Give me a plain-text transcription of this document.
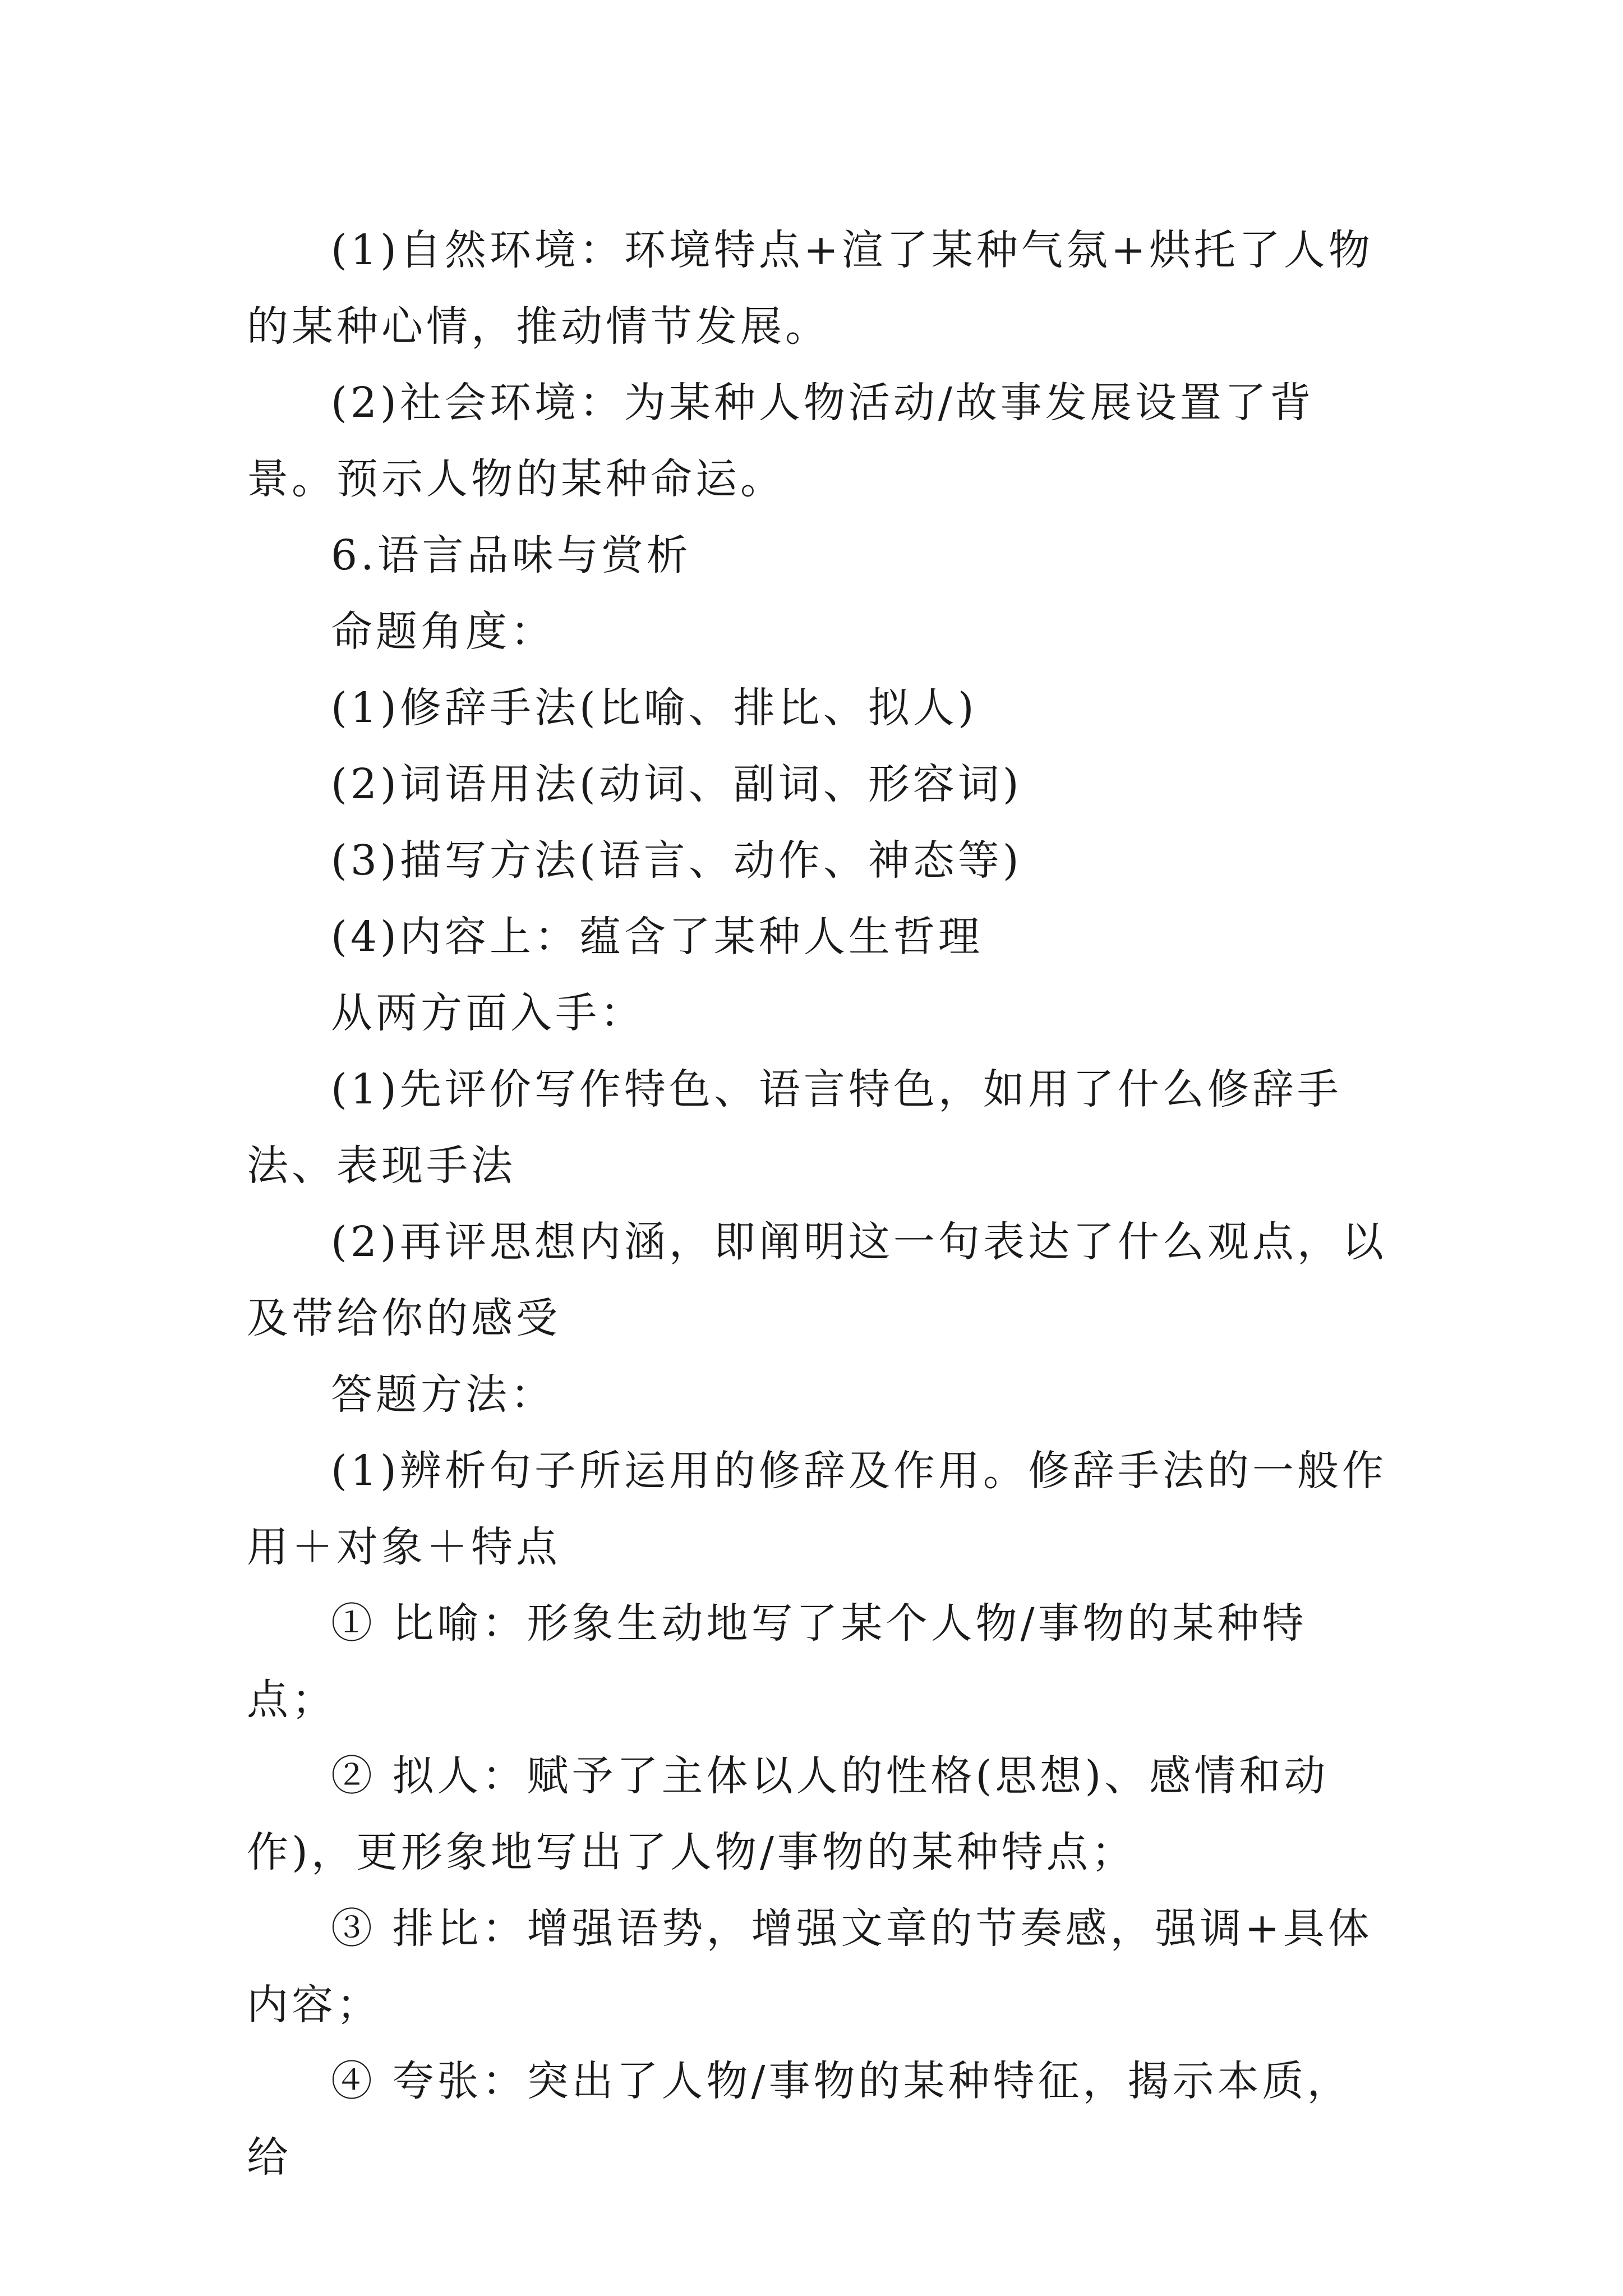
(1)自然环境：环境特点+渲了某种气氛+烘托了人物的某种心情，推动情节发展。

(2)社会环境：为某种人物活动/故事发展设置了背景。预示人物的某种命运。

6.语言品味与赏析

命题角度：

(1)修辞手法(比喻、排比、拟人)

(2)词语用法(动词、副词、形容词)

(3)描写方法(语言、动作、神态等)

(4)内容上：蕴含了某种人生哲理

从两方面入手：

(1)先评价写作特色、语言特色，如用了什么修辞手法、表现手法

(2)再评思想内涵，即阐明这一句表达了什么观点，以及带给你的感受

答题方法：

(1)辨析句子所运用的修辞及作用。修辞手法的一般作用＋对象＋特点

① 比喻：形象生动地写了某个人物/事物的某种特点；

② 拟人：赋予了主体以人的性格(思想)、感情和动作)，更形象地写出了人物/事物的某种特点；

③ 排比：增强语势，增强文章的节奏感，强调+具体内容；

④ 夸张：突出了人物/事物的某种特征，揭示本质，给
